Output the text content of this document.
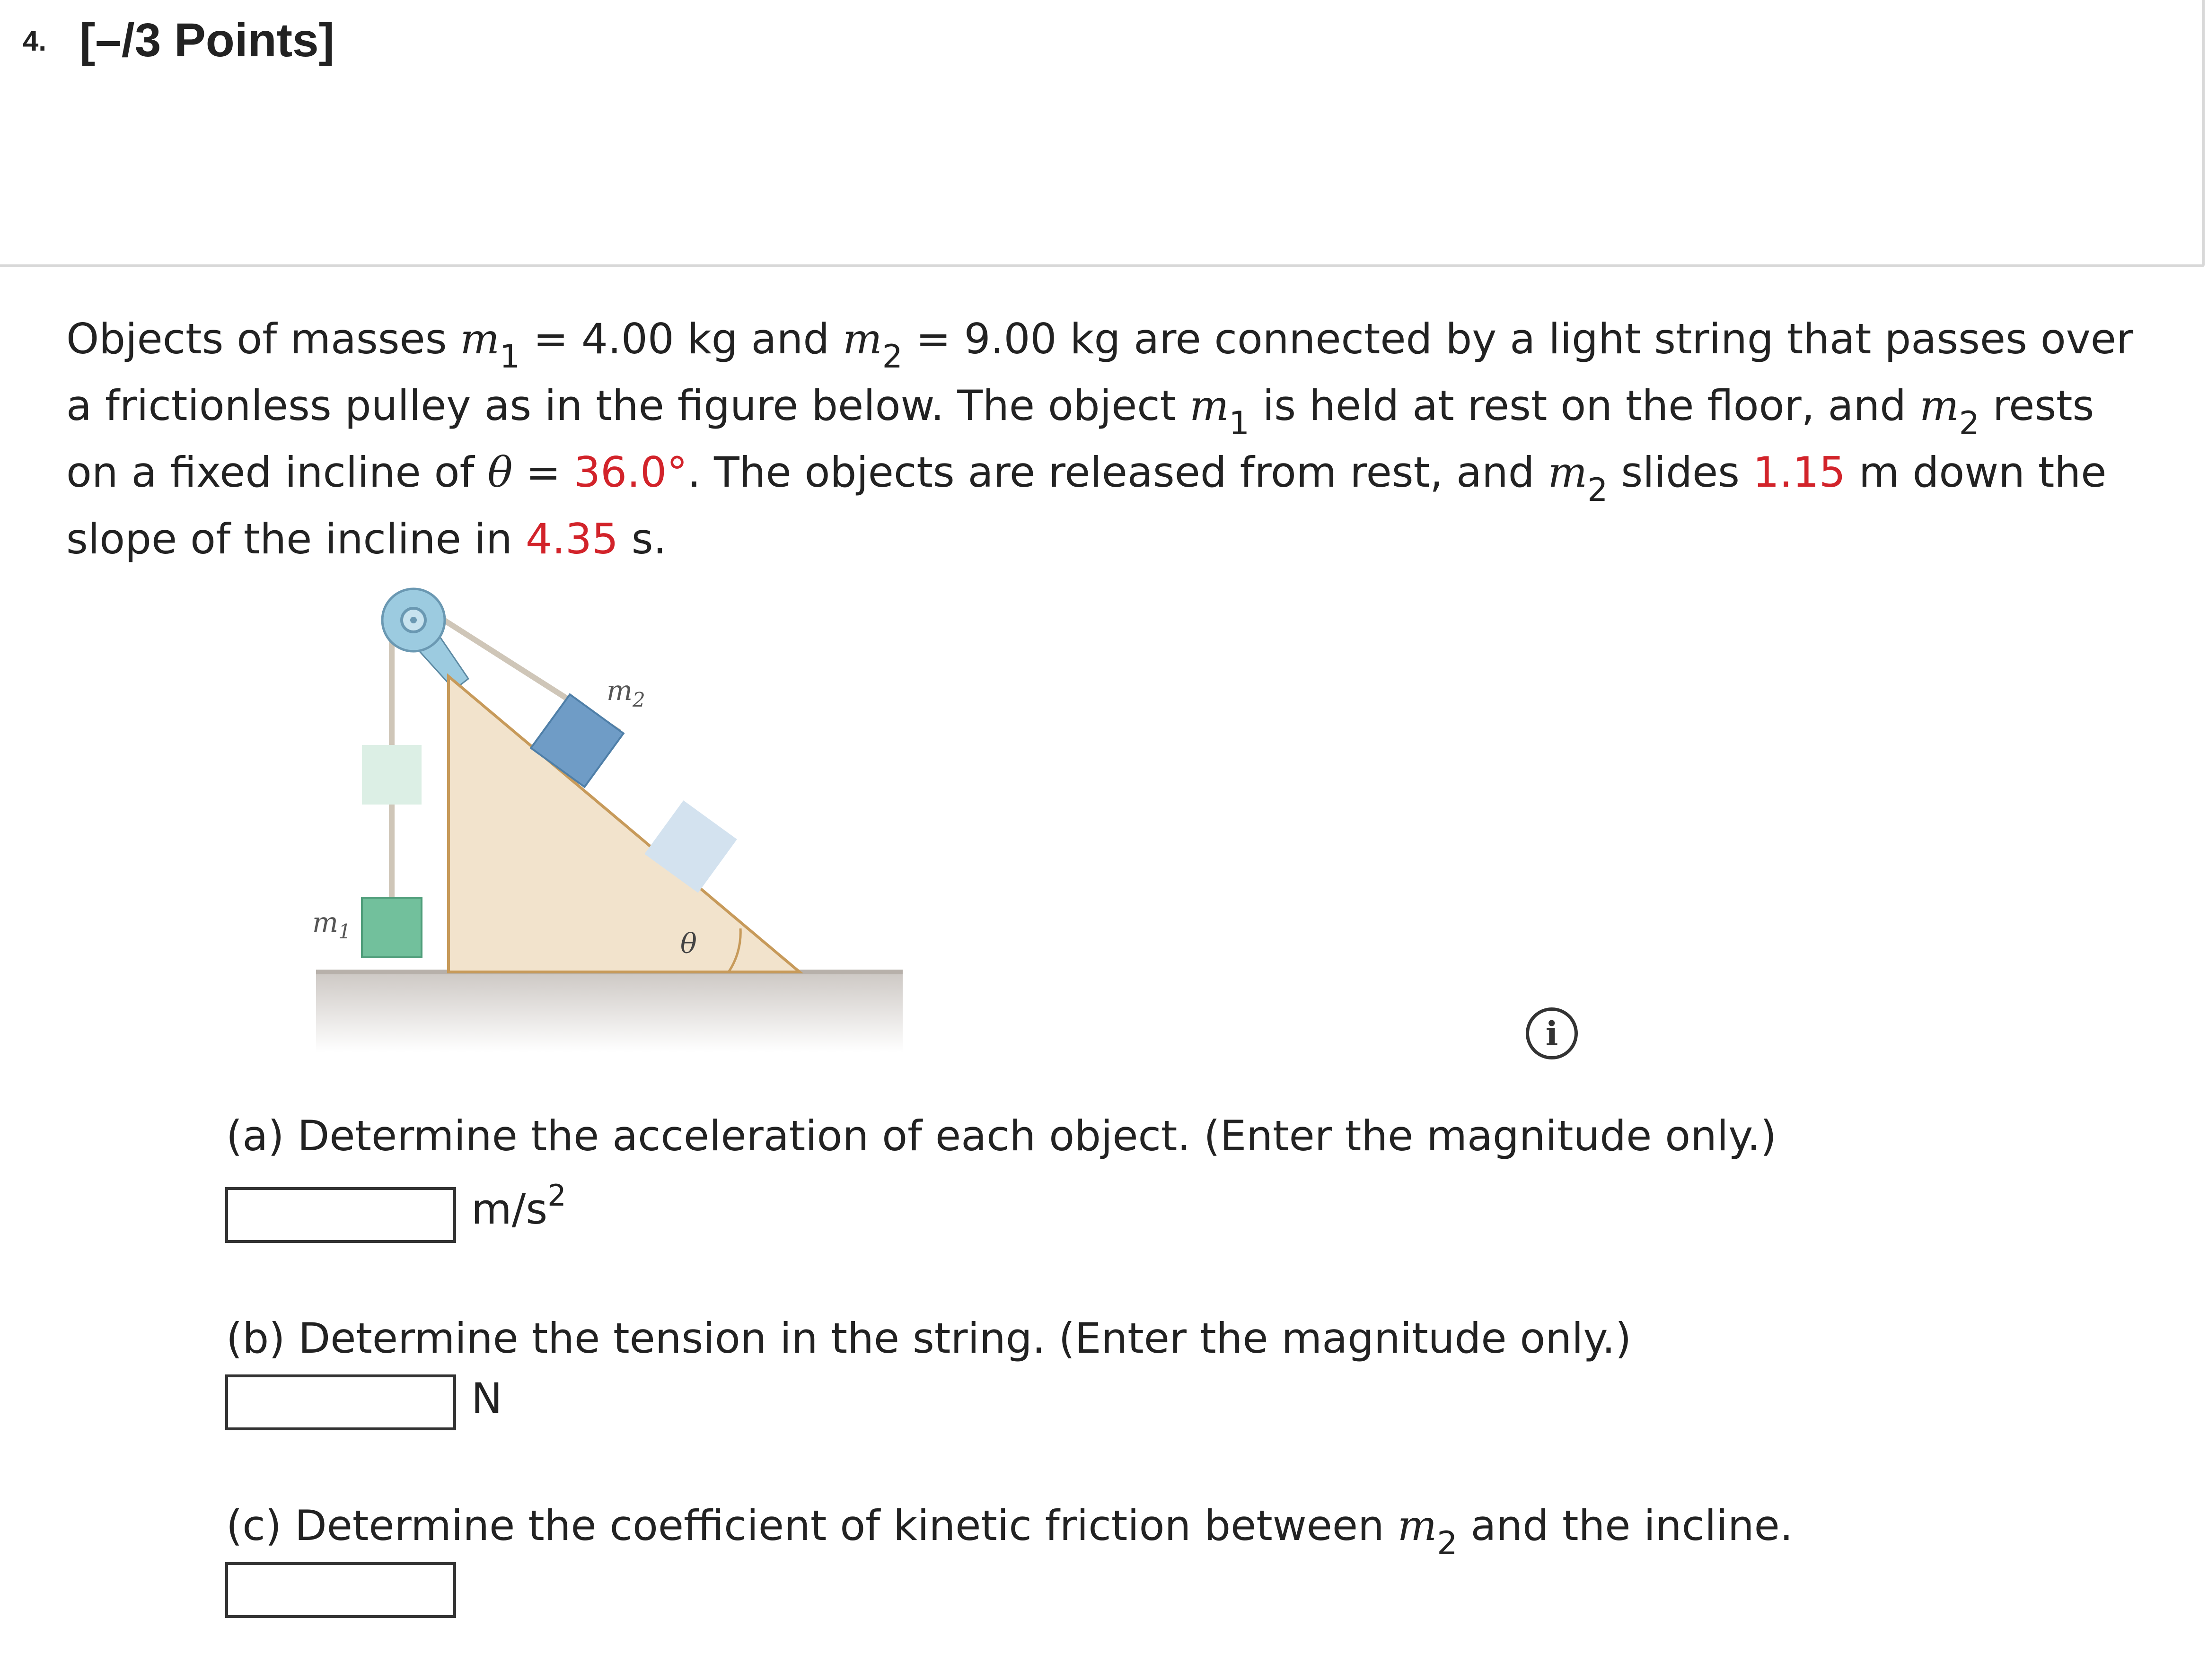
4. [–/3 Points]
Objects of masses $m_1 = 4.00$ kg and $m_2 = 9.00$ kg are connected by a light string that passes over a frictionless pulley as in the figure below. The object $m_1$ is held at rest on the floor, and $m_2$ rests on a fixed incline of θ = 36.0°. The objects are released from rest, and $m_2$ slides 1.15 m down the slope of the incline in 4.35 s.
$m_1$
$m_2$
θ
i
(a) Determine the acceleration of each object. (Enter the magnitude only.)
$m/s^2$
(b) Determine the tension in the string. (Enter the magnitude only.)
N
(c) Determine the coefficient of kinetic friction between $m_2$ and the incline.
